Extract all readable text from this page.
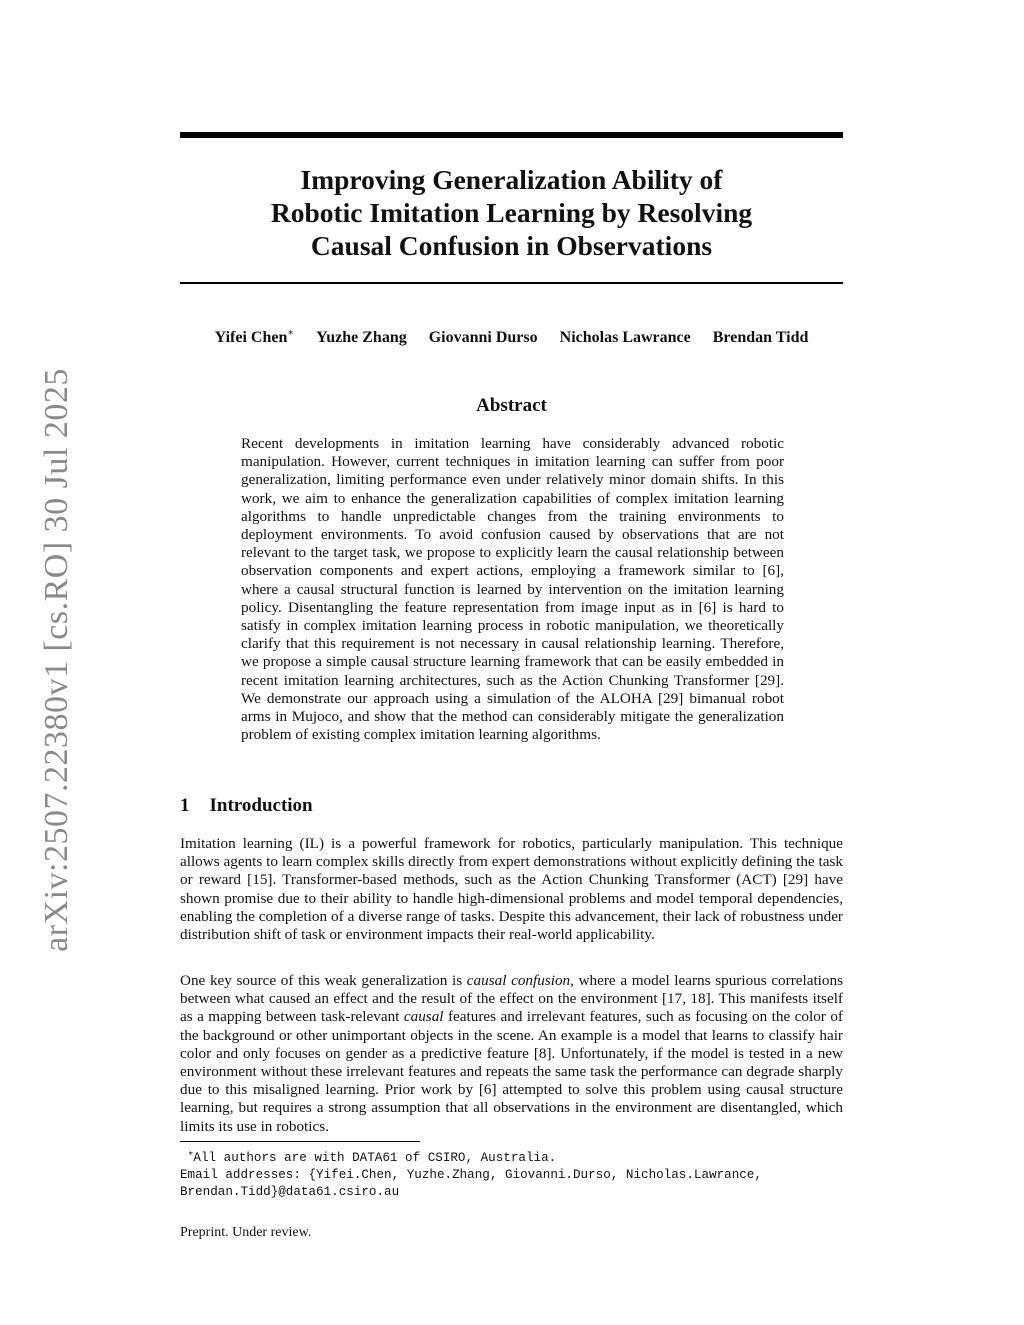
arXiv:2507.22380v1 [cs.RO] 30 Jul 2025
Improving Generalization Ability of
Robotic Imitation Learning by Resolving
Causal Confusion in Observations
Yifei Chen∗ Yuzhe Zhang Giovanni Durso Nicholas Lawrance Brendan Tidd
Abstract
Recent developments in imitation learning have considerably advanced robotic manipulation. However, current techniques in imitation learning can suffer from poor generalization, limiting performance even under relatively minor domain shifts. In this work, we aim to enhance the generalization capabilities of complex imitation learning algorithms to handle unpredictable changes from the training environments to deployment environments. To avoid confusion caused by observations that are not relevant to the target task, we propose to explicitly learn the causal relationship between observation components and expert actions, employing a framework similar to [6], where a causal structural function is learned by intervention on the imitation learning policy. Disentangling the feature representation from image input as in [6] is hard to satisfy in complex imitation learning process in robotic manipulation, we theoretically clarify that this requirement is not necessary in causal relationship learning. Therefore, we propose a simple causal structure learning framework that can be easily embedded in recent imitation learning architectures, such as the Action Chunking Transformer [29]. We demonstrate our approach using a simulation of the ALOHA [29] bimanual robot arms in Mujoco, and show that the method can considerably mitigate the generalization problem of existing complex imitation learning algorithms.
1 Introduction
Imitation learning (IL) is a powerful framework for robotics, particularly manipulation. This technique allows agents to learn complex skills directly from expert demonstrations without explicitly defining the task or reward [15]. Transformer-based methods, such as the Action Chunking Transformer (ACT) [29] have shown promise due to their ability to handle high-dimensional problems and model temporal dependencies, enabling the completion of a diverse range of tasks. Despite this advancement, their lack of robustness under distribution shift of task or environment impacts their real-world applicability.
One key source of this weak generalization is causal confusion, where a model learns spurious correlations between what caused an effect and the result of the effect on the environment [17, 18]. This manifests itself as a mapping between task-relevant causal features and irrelevant features, such as focusing on the color of the background or other unimportant objects in the scene. An example is a model that learns to classify hair color and only focuses on gender as a predictive feature [8]. Unfortunately, if the model is tested in a new environment without these irrelevant features and repeats the same task the performance can degrade sharply due to this misaligned learning. Prior work by [6] attempted to solve this problem using causal structure learning, but requires a strong assumption that all observations in the environment are disentangled, which limits its use in robotics.
∗All authors are with DATA61 of CSIRO, Australia.
Email addresses: {Yifei.Chen, Yuzhe.Zhang, Giovanni.Durso, Nicholas.Lawrance,
Brendan.Tidd}@data61.csiro.au
Preprint. Under review.
